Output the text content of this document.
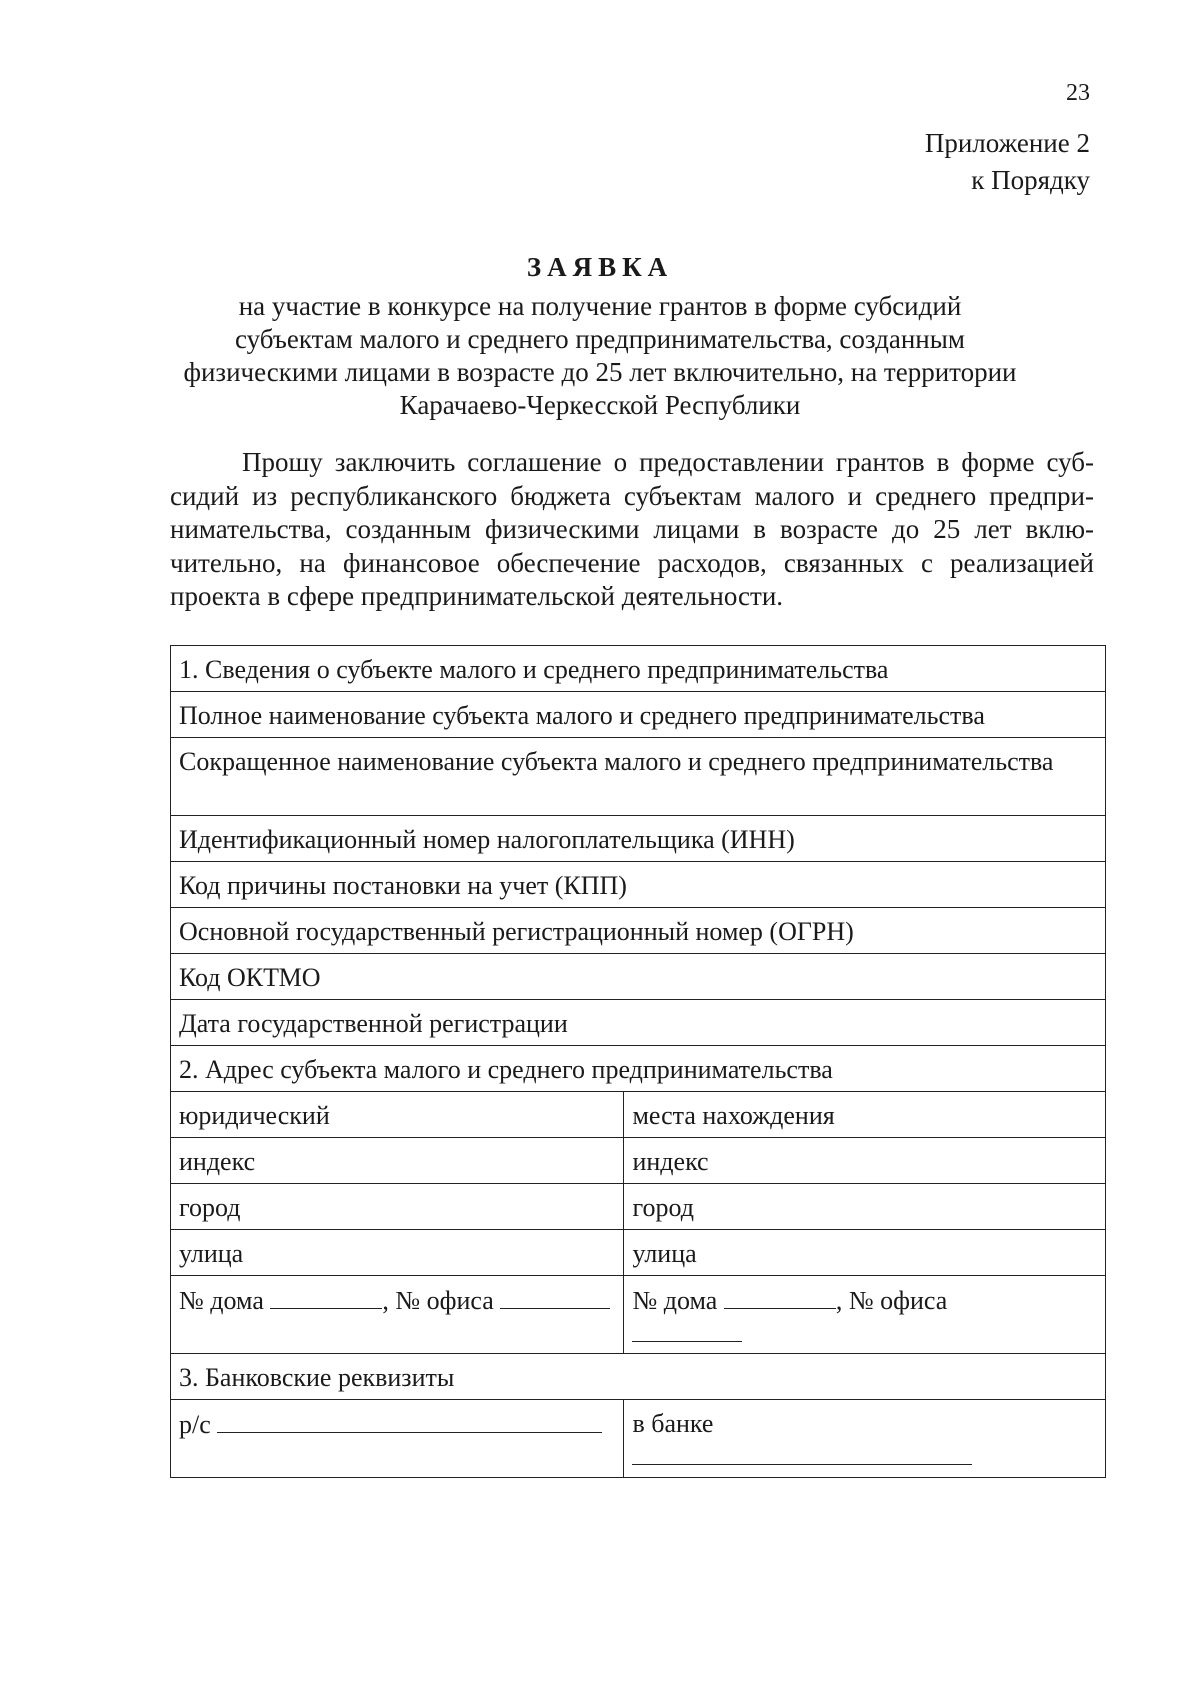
23
Приложение 2
к Порядку
ЗАЯВКА
на участие в конкурсе на получение грантов в форме субсидий
субъектам малого и среднего предпринимательства, созданным
физическими лицами в возрасте до 25 лет включительно, на территории
Карачаево-Черкесской Республики
Прошу заключить соглашение о предоставлении грантов в форме субсидий из республиканского бюджета субъектам малого и среднего предпринимательства, созданным физическими лицами в возрасте до 25 лет включительно, на финансовое обеспечение расходов, связанных с реализацией проекта в сфере предпринимательской деятельности.
1. Сведения о субъекте малого и среднего предпринимательства	
Полное наименование субъекта малого и среднего предпринимательства	
Сокращенное наименование субъекта малого и среднего предпринимательства	
Идентификационный номер налогоплательщика (ИНН)	
Код причины постановки на учет (КПП)	
Основной государственный регистрационный номер (ОГРН)	
Код ОКТМО	
Дата государственной регистрации	
2. Адрес субъекта малого и среднего предпринимательства	
юридический	места нахождения
индекс	индекс
город	город
улица	улица
№ дома , № офиса	№ дома , № офиса

3. Банковские реквизиты	
р/с	в банке
